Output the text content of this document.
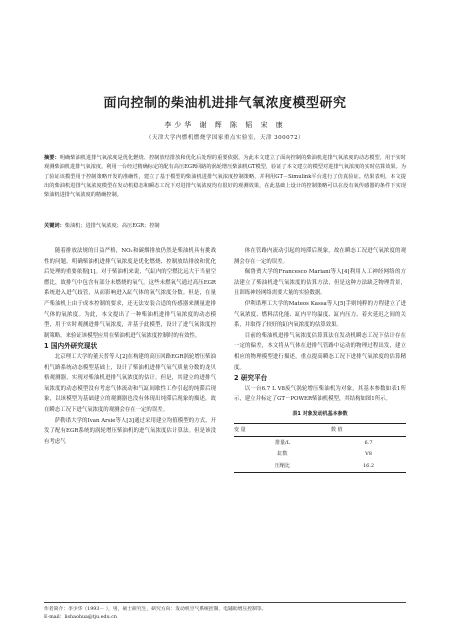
面向控制的柴油机进排气氧浓度模型研究
李少华 谢 辉 陈 韬 宋 康
（天津大学内燃机燃烧学国家重点实验室，天津 300072）
摘要：明确柴油机进排气氧浓度是优化燃烧、控制放结排放和优化后处理的重要依据，为此本文建立了面向控制的柴油机进排气氧浓度的动态模型，用于实时观测柴油机进排气氧浓度。利用一台经过精确标定的配有高压EGR回路的涡轮增压柴油机GT模型，验证了本文建立的模型对进排气氧浓度的实时估算效果。为了验证该模型用于控制策略开发的准确性，建立了基于模型的柴油机进排气氧浓度控制策略，并利用GT－Simulink平台进行了仿真验证。结果表明，本文提出的柴油机进排气氧浓度模型在发动机稳态和瞬态工况下对进排气氧浓度均有很好的观测效果，在此基础上设计的控制策略可以在没有氧传感器的条件下实现柴油机进排气氧浓度的精确控制。
关键词：柴油机；进排气氧浓度；高压EGR；控制

随着排放法规的日益严格，NOₓ和碳烟排放仍然是柴油机具有挑战性的问题。明确柴油机进排气氧浓度是优化燃烧、控制放结排放和优化后处理的重要依据[1]。对于柴油机来说，气缸内的空燃比远大于当量空燃比，故排气中包含有部分未燃烧的氧气，这些未燃氧气通过高压EGR系统进入进气歧管，从而影响进入缸气体的氧气浓度分数。但是，在量产柴油机上由于成本控制的要求，还无法安装合适的传感器来测量进排气体的氧浓度。为此，本文提出了一种柴油机进排气氧浓度的动态模型，用于实时观测进排气氧浓度，并基于此模型，设计了进气氧浓度控制策略，来验证该模型应用在柴油机进气氧浓度控制时的有效性。

1 国内外研究现状

北京理工大学的董天普等人[2]在构建的高压回路EGR涡轮增压柴油机气路系统动态模型基础上，设计了柴油机进排气氧气质量分数的龙贝格观测器，实现对柴油机进排气氧浓度的估计。但是，其建立的进排气氧浓度的动态模型没有考虑气体流动和气缸间歇性工作引起的纯滞后现象，以该模型为基础建立的观测器也没有体现出纯滞后现象的描述，故在瞬态工况下进气氧浓度的观测会存在一定的误差。

萨勒诺大学的Ivan Arsie等人[3]通过采用建立均值模型的方式，开发了配有EGR系统的涡轮增压柴油机的进气氧浓度估计算法。但是该没有考虑气

体在管路内流动引起的纯滞后现象，故在瞬态工况进气氧浓度的观测会存在一定的误差。

佩鲁贾大学的Francesco Mariani等人[4]利用人工神经网络的方法建立了柴油机进气氧浓度的估算方法，但是这种方法缺乏物理背景，且训练神经网络需要大量的实验数据。

伊利诺理工大学的Mateos Kassa等人[5]手则纯粹的方程建立了进气氧浓度、燃料活化能、缸内平均温度、缸内压力、着火延迟之间的关系，并取得了较好的缸内氧浓度的估算效果。

目前的柴油机进排气氧浓度估算算法在发动机瞬态工况下估计存在一定的偏差，本文将从气体在进排气管路中运动的物理过程出发，建立相应的物理模型进行描述，重点提高瞬态工况下进排气氧浓度的估算精度。

2 研究平台

以一台6.7 L V8废气涡轮增压柴油机为对象，其基本参数如表1所示，建立并标定了GT－POWER柴油机模型，其结构如图1所示。

表1 对象发动机基本参数
变 量	数 值
排量/L	6.7
缸数	V8
压缩比	16.2
作者简介：李少华（1993－ ），男，硕士研究生，研究方向：发动机空气系统控制、电辅助增压控制等。
E-mail：lishaohua@tju.edu.cn
